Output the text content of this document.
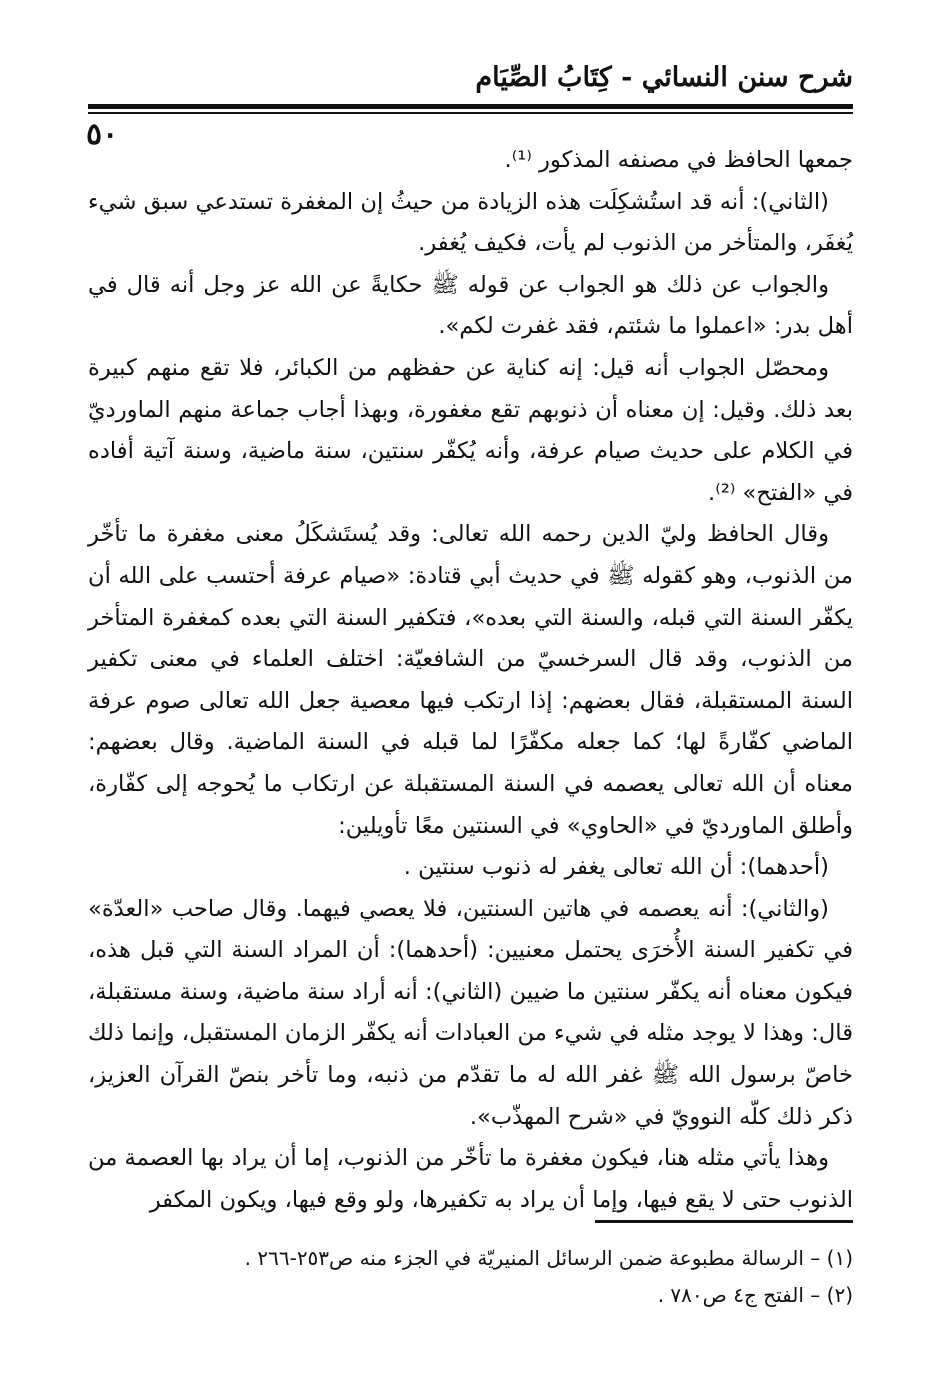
شرح سنن النسائي - كِتَابُ الصِّيَام
٥٠

جمعها الحافظ في مصنفه المذكور ⁽¹⁾.

(الثاني): أنه قد استُشكِلَت هذه الزيادة من حيثُ إن المغفرة تستدعي سبق شيء يُغفَر، والمتأخر من الذنوب لم يأت، فكيف يُغفر.

والجواب عن ذلك هو الجواب عن قوله ﷺ حكايةً عن الله عز وجل أنه قال في أهل بدر: «اعملوا ما شئتم، فقد غفرت لكم».

ومحصّل الجواب أنه قيل: إنه كناية عن حفظهم من الكبائر، فلا تقع منهم كبيرة بعد ذلك. وقيل: إن معناه أن ذنوبهم تقع مغفورة، وبهذا أجاب جماعة منهم الماورديّ في الكلام على حديث صيام عرفة، وأنه يُكفّر سنتين، سنة ماضية، وسنة آتية أفاده في «الفتح» ⁽²⁾.

وقال الحافظ وليّ الدين رحمه الله تعالى: وقد يُستَشكَلُ معنى مغفرة ما تأخّر من الذنوب، وهو كقوله ﷺ في حديث أبي قتادة: «صيام عرفة أحتسب على الله أن يكفّر السنة التي قبله، والسنة التي بعده»، فتكفير السنة التي بعده كمغفرة المتأخر من الذنوب، وقد قال السرخسيّ من الشافعيّة: اختلف العلماء في معنى تكفير السنة المستقبلة، فقال بعضهم: إذا ارتكب فيها معصية جعل الله تعالى صوم عرفة الماضي كفّارةً لها؛ كما جعله مكفّرًا لما قبله في السنة الماضية. وقال بعضهم: معناه أن الله تعالى يعصمه في السنة المستقبلة عن ارتكاب ما يُحوجه إلى كفّارة، وأطلق الماورديّ في «الحاوي» في السنتين معًا تأويلين:

(أحدهما): أن الله تعالى يغفر له ذنوب سنتين .

(والثاني): أنه يعصمه في هاتين السنتين، فلا يعصي فيهما. وقال صاحب «العدّة» في تكفير السنة الأُخرَى يحتمل معنيين: (أحدهما): أن المراد السنة التي قبل هذه، فيكون معناه أنه يكفّر سنتين ما ضيين (الثاني): أنه أراد سنة ماضية، وسنة مستقبلة، قال: وهذا لا يوجد مثله في شيء من العبادات أنه يكفّر الزمان المستقبل، وإنما ذلك خاصّ برسول الله ﷺ غفر الله له ما تقدّم من ذنبه، وما تأخر بنصّ القرآن العزيز، ذكر ذلك كلّه النوويّ في «شرح المهذّب».

وهذا يأتي مثله هنا، فيكون مغفرة ما تأخّر من الذنوب، إما أن يراد بها العصمة من الذنوب حتى لا يقع فيها، وإما أن يراد به تكفيرها، ولو وقع فيها، ويكون المكفر

(١) – الرسالة مطبوعة ضمن الرسائل المنيريّة في الجزء منه ص٢٥٣-٢٦٦ .

(٢) – الفتح ج٤ ص٧٨٠ .
